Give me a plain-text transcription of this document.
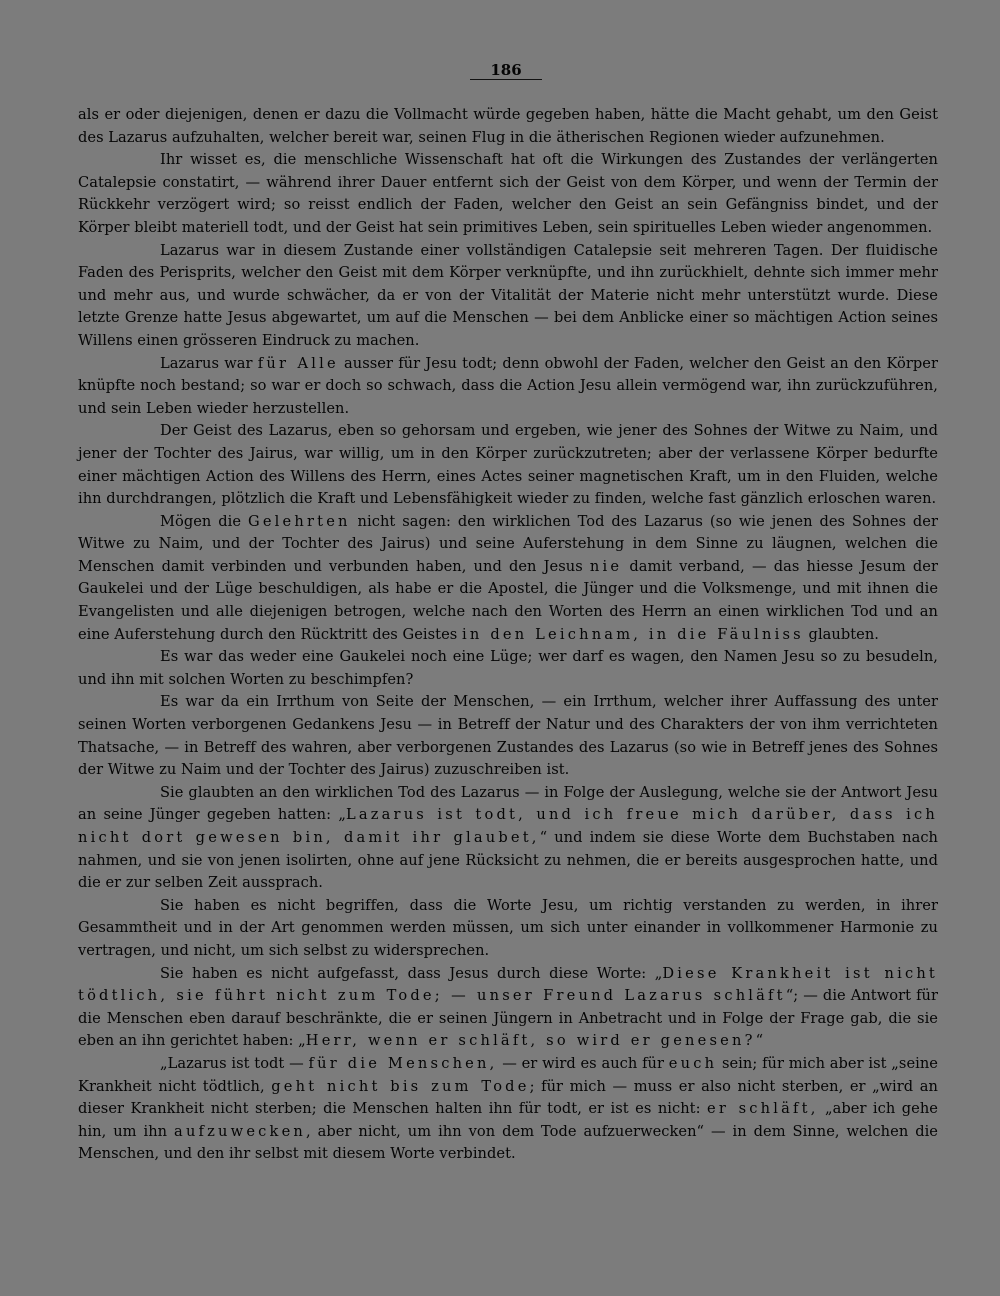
186

als er oder diejenigen, denen er dazu die Vollmacht würde gegeben haben, hätte die Macht gehabt, um den Geist des Lazarus aufzuhalten, welcher bereit war, seinen Flug in die ätherischen Regionen wieder aufzunehmen.

Ihr wisset es, die menschliche Wissenschaft hat oft die Wirkungen des Zustandes der verlängerten Catalepsie constatirt, — während ihrer Dauer entfernt sich der Geist von dem Körper, und wenn der Termin der Rückkehr verzögert wird; so reisst endlich der Faden, welcher den Geist an sein Gefängniss bindet, und der Körper bleibt materiell todt, und der Geist hat sein primitives Leben, sein spirituelles Leben wieder angenommen.

Lazarus war in diesem Zustande einer vollständigen Catalepsie seit mehreren Tagen. Der fluidische Faden des Perisprits, welcher den Geist mit dem Körper verknüpfte, und ihn zurückhielt, dehnte sich immer mehr und mehr aus, und wurde schwächer, da er von der Vitalität der Materie nicht mehr unterstützt wurde. Diese letzte Grenze hatte Jesus abgewartet, um auf die Menschen — bei dem Anblicke einer so mächtigen Action seines Willens einen grösseren Eindruck zu machen.

Lazarus war für Alle ausser für Jesu todt; denn obwohl der Faden, welcher den Geist an den Körper knüpfte noch bestand; so war er doch so schwach, dass die Action Jesu allein vermögend war, ihn zurückzuführen, und sein Leben wieder herzustellen.

Der Geist des Lazarus, eben so gehorsam und ergeben, wie jener des Sohnes der Witwe zu Naim, und jener der Tochter des Jairus, war willig, um in den Körper zurückzutreten; aber der verlassene Körper bedurfte einer mächtigen Action des Willens des Herrn, eines Actes seiner magnetischen Kraft, um in den Fluiden, welche ihn durchdrangen, plötzlich die Kraft und Lebensfähigkeit wieder zu finden, welche fast gänzlich erloschen waren.

Mögen die Gelehrten nicht sagen: den wirklichen Tod des Lazarus (so wie jenen des Sohnes der Witwe zu Naim, und der Tochter des Jairus) und seine Auferstehung in dem Sinne zu läugnen, welchen die Menschen damit verbinden und verbunden haben, und den Jesus nie damit verband, — das hiesse Jesum der Gaukelei und der Lüge beschuldigen, als habe er die Apostel, die Jünger und die Volksmenge, und mit ihnen die Evangelisten und alle diejenigen betrogen, welche nach den Worten des Herrn an einen wirklichen Tod und an eine Auferstehung durch den Rücktritt des Geistes in den Leichnam, in die Fäulniss glaubten.

Es war das weder eine Gaukelei noch eine Lüge; wer darf es wagen, den Namen Jesu so zu besudeln, und ihn mit solchen Worten zu beschimpfen?

Es war da ein Irrthum von Seite der Menschen, — ein Irrthum, welcher ihrer Auffassung des unter seinen Worten verborgenen Gedankens Jesu — in Betreff der Natur und des Charakters der von ihm verrichteten Thatsache, — in Betreff des wahren, aber verborgenen Zustandes des Lazarus (so wie in Betreff jenes des Sohnes der Witwe zu Naim und der Tochter des Jairus) zuzuschreiben ist.

Sie glaubten an den wirklichen Tod des Lazarus — in Folge der Auslegung, welche sie der Antwort Jesu an seine Jünger gegeben hatten: „Lazarus ist todt, und ich freue mich darüber, dass ich nicht dort gewesen bin, damit ihr glaubet,“ und indem sie diese Worte dem Buchstaben nach nahmen, und sie von jenen isolirten, ohne auf jene Rücksicht zu nehmen, die er bereits ausgesprochen hatte, und die er zur selben Zeit aussprach.

Sie haben es nicht begriffen, dass die Worte Jesu, um richtig verstanden zu werden, in ihrer Gesammtheit und in der Art genommen werden müssen, um sich unter einander in vollkommener Harmonie zu vertragen, und nicht, um sich selbst zu widersprechen.

Sie haben es nicht aufgefasst, dass Jesus durch diese Worte: „Diese Krankheit ist nicht tödtlich, sie führt nicht zum Tode; — unser Freund Lazarus schläft“; — die Antwort für die Menschen eben darauf beschränkte, die er seinen Jüngern in Anbetracht und in Folge der Frage gab, die sie eben an ihn gerichtet haben: „Herr, wenn er schläft, so wird er genesen?“

„Lazarus ist todt — für die Menschen, — er wird es auch für euch sein; für mich aber ist „seine Krankheit nicht tödtlich, geht nicht bis zum Tode; für mich — muss er also nicht sterben, er „wird an dieser Krankheit nicht sterben; die Menschen halten ihn für todt, er ist es nicht: er schläft, „aber ich gehe hin, um ihn aufzuwecken, aber nicht, um ihn von dem Tode aufzuerwecken“ — in dem Sinne, welchen die Menschen, und den ihr selbst mit diesem Worte verbindet.
